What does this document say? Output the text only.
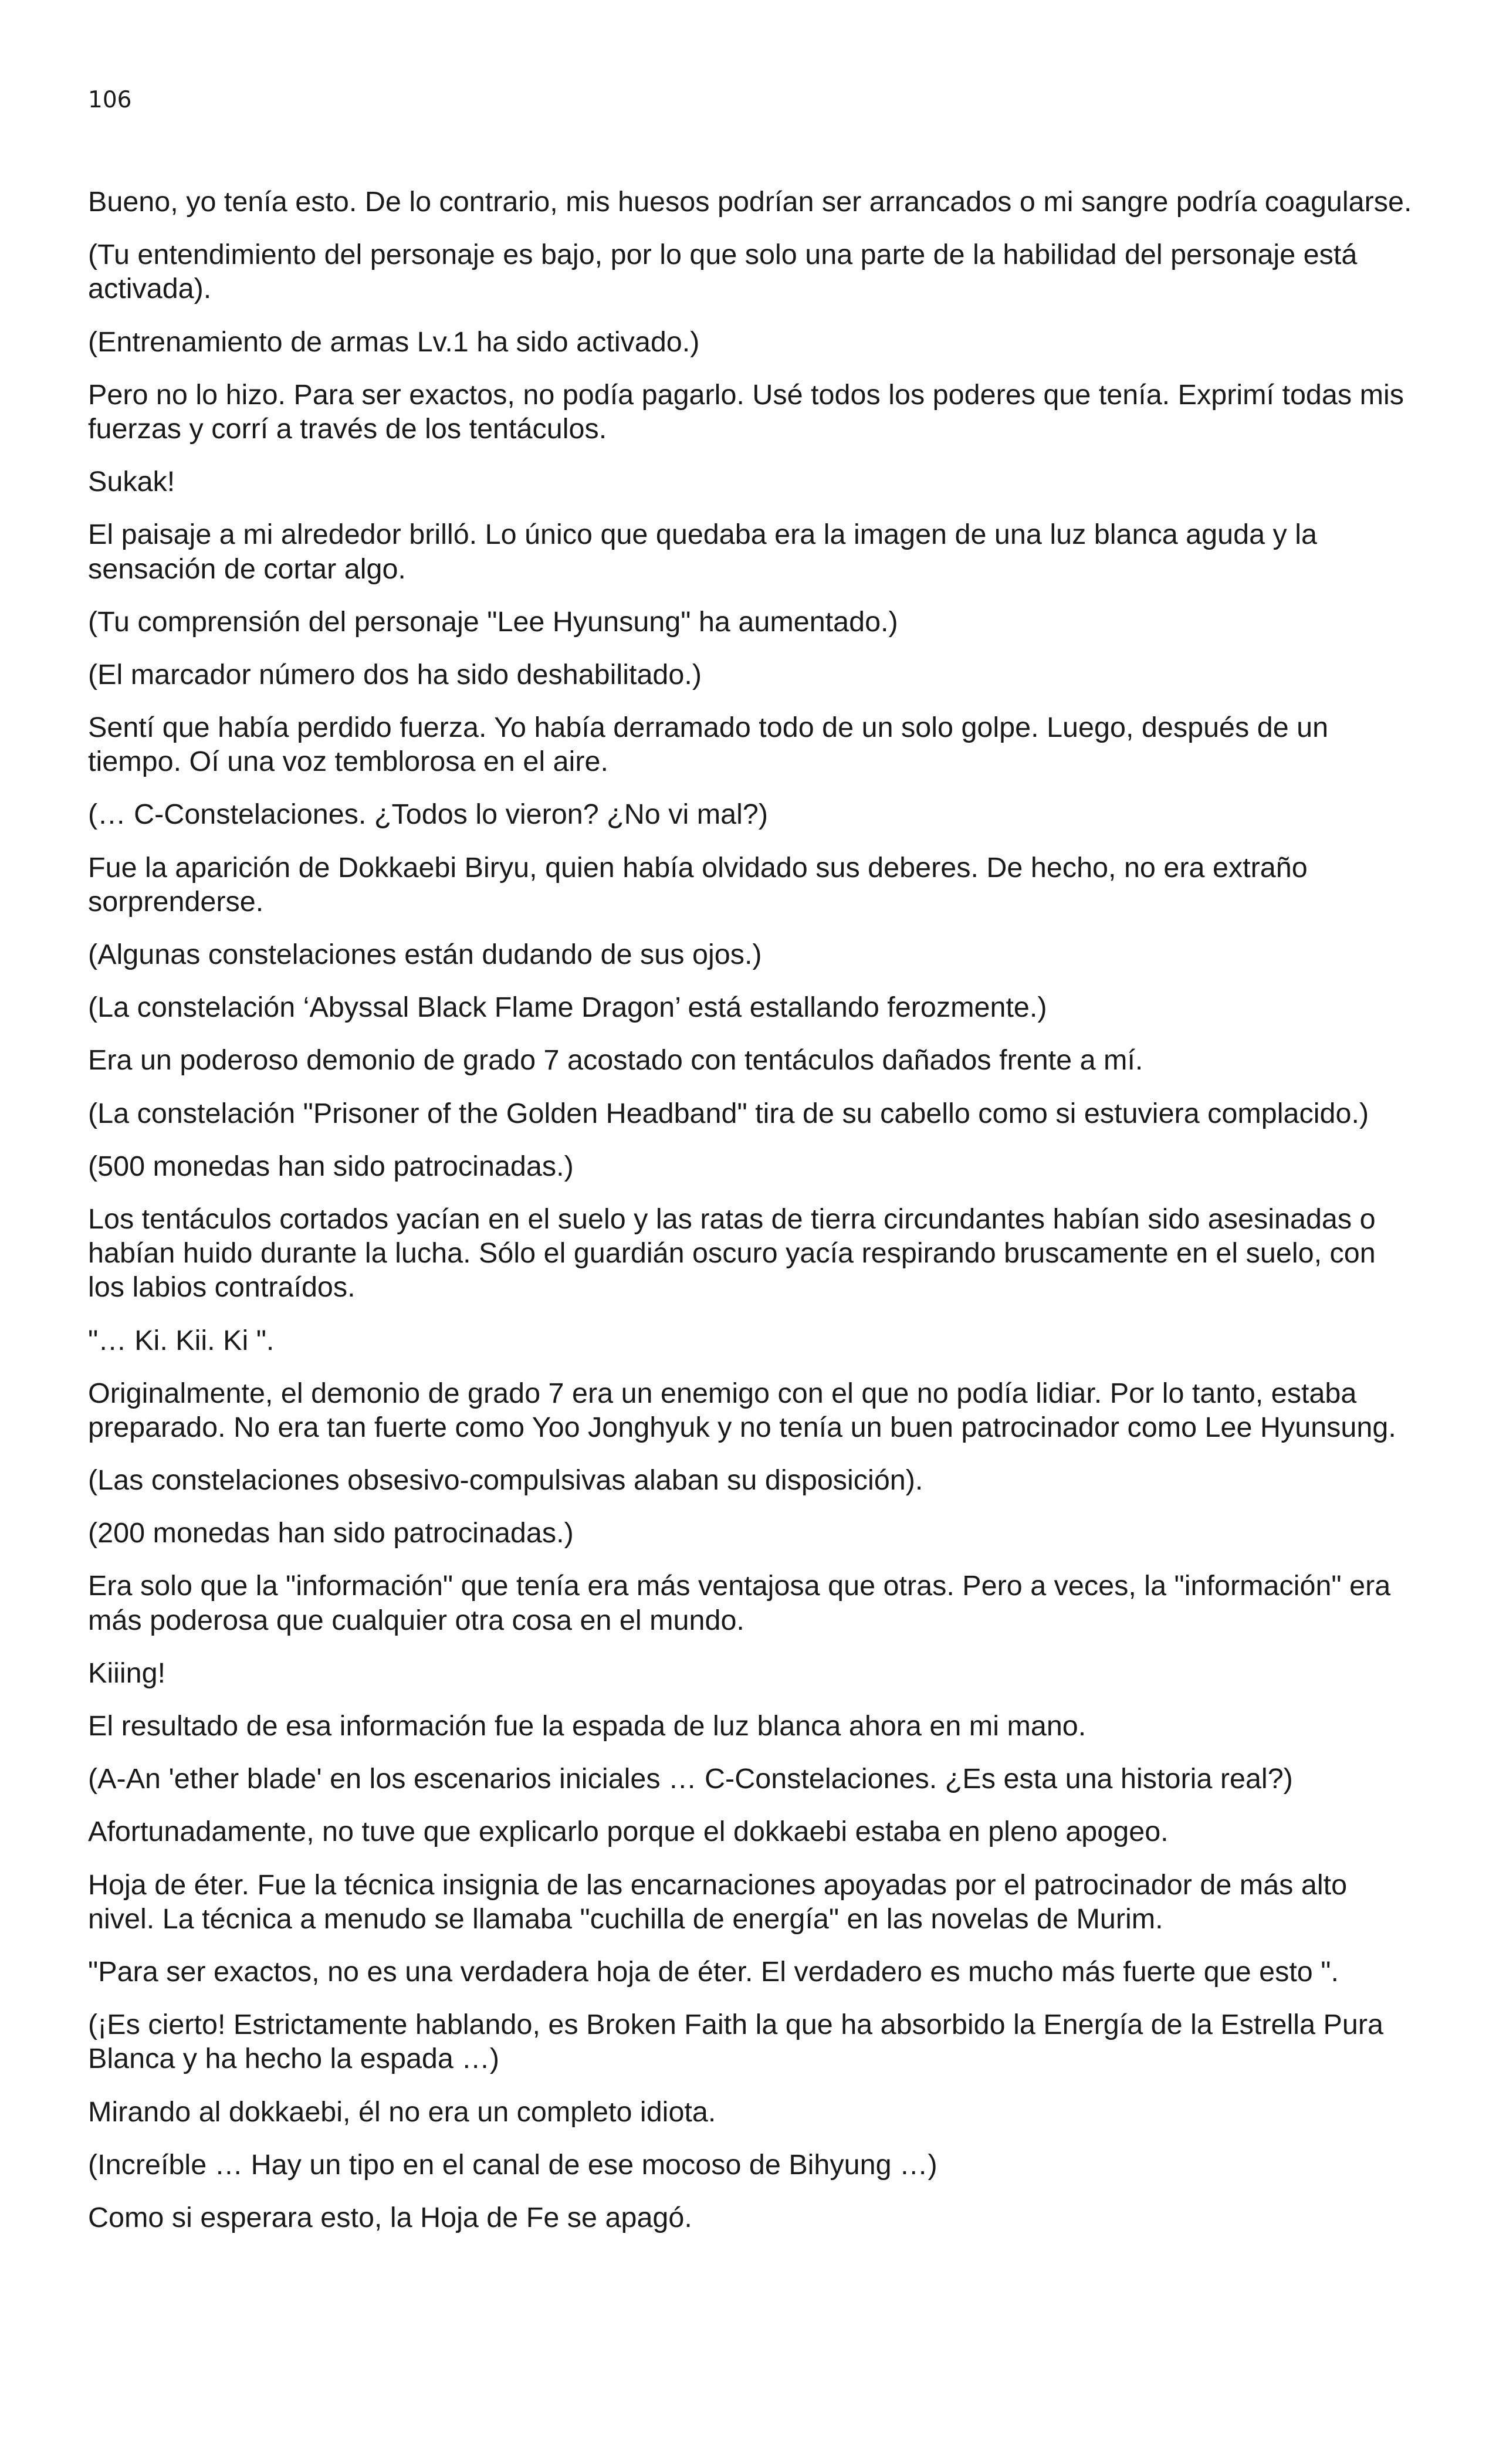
106

Bueno, yo tenía esto. De lo contrario, mis huesos podrían ser arrancados o mi sangre podría coagularse.

(Tu entendimiento del personaje es bajo, por lo que solo una parte de la habilidad del personaje está activada).

(Entrenamiento de armas Lv.1 ha sido activado.)

Pero no lo hizo. Para ser exactos, no podía pagarlo. Usé todos los poderes que tenía. Exprimí todas mis fuerzas y corrí a través de los tentáculos.

Sukak!

El paisaje a mi alrededor brilló. Lo único que quedaba era la imagen de una luz blanca aguda y la sensación de cortar algo.

(Tu comprensión del personaje "Lee Hyunsung" ha aumentado.)

(El marcador número dos ha sido deshabilitado.)

Sentí que había perdido fuerza. Yo había derramado todo de un solo golpe. Luego, después de un tiempo. Oí una voz temblorosa en el aire.

(… C-Constelaciones. ¿Todos lo vieron? ¿No vi mal?)

Fue la aparición de Dokkaebi Biryu, quien había olvidado sus deberes. De hecho, no era extraño sorprenderse.

(Algunas constelaciones están dudando de sus ojos.)

(La constelación ‘Abyssal Black Flame Dragon’ está estallando ferozmente.)

Era un poderoso demonio de grado 7 acostado con tentáculos dañados frente a mí.

(La constelación "Prisoner of the Golden Headband" tira de su cabello como si estuviera complacido.)

(500 monedas han sido patrocinadas.)

Los tentáculos cortados yacían en el suelo y las ratas de tierra circundantes habían sido asesinadas o habían huido durante la lucha. Sólo el guardián oscuro yacía respirando bruscamente en el suelo, con los labios contraídos.

"… Ki. Kii. Ki ".

Originalmente, el demonio de grado 7 era un enemigo con el que no podía lidiar. Por lo tanto, estaba preparado. No era tan fuerte como Yoo Jonghyuk y no tenía un buen patrocinador como Lee Hyunsung.

(Las constelaciones obsesivo-compulsivas alaban su disposición).

(200 monedas han sido patrocinadas.)

Era solo que la "información" que tenía era más ventajosa que otras. Pero a veces, la "información" era más poderosa que cualquier otra cosa en el mundo.

Kiiing!

El resultado de esa información fue la espada de luz blanca ahora en mi mano.

(A-An 'ether blade' en los escenarios iniciales … C-Constelaciones. ¿Es esta una historia real?)

Afortunadamente, no tuve que explicarlo porque el dokkaebi estaba en pleno apogeo.

Hoja de éter. Fue la técnica insignia de las encarnaciones apoyadas por el patrocinador de más alto nivel. La técnica a menudo se llamaba "cuchilla de energía" en las novelas de Murim.

"Para ser exactos, no es una verdadera hoja de éter. El verdadero es mucho más fuerte que esto ".

(¡Es cierto! Estrictamente hablando, es Broken Faith la que ha absorbido la Energía de la Estrella Pura Blanca y ha hecho la espada …)

Mirando al dokkaebi, él no era un completo idiota.

(Increíble … Hay un tipo en el canal de ese mocoso de Bihyung …)

Como si esperara esto, la Hoja de Fe se apagó.
